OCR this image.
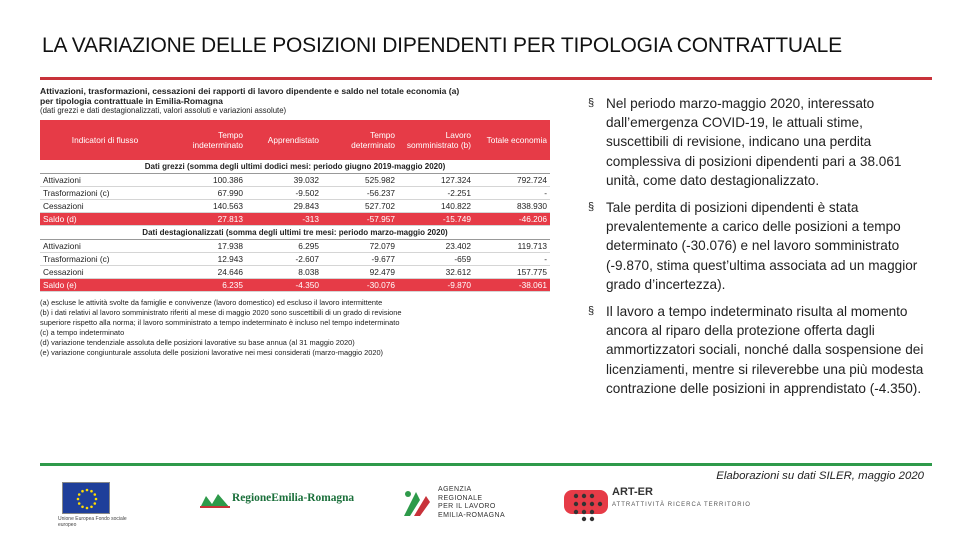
LA VARIAZIONE DELLE POSIZIONI DIPENDENTI PER TIPOLOGIA CONTRATTUALE
Attivazioni, trasformazioni, cessazioni dei rapporti di lavoro dipendente e saldo nel totale economia (a)
per tipologia contrattuale in Emilia-Romagna
(dati grezzi e dati destagionalizzati, valori assoluti e variazioni assolute)
Indicatori di flusso	Tempo indeterminato	Apprendistato	Tempo determinato	Lavoro somministrato (b)	Totale economia
Dati grezzi (somma degli ultimi dodici mesi: periodo giugno 2019-maggio 2020)					
Attivazioni	100.386	39.032	525.982	127.324	792.724
Trasformazioni (c)	67.990	-9.502	-56.237	-2.251	-
Cessazioni	140.563	29.843	527.702	140.822	838.930
Saldo (d)	27.813	-313	-57.957	-15.749	-46.206
Dati destagionalizzati (somma degli ultimi tre mesi: periodo marzo-maggio 2020)					
Attivazioni	17.938	6.295	72.079	23.402	119.713
Trasformazioni (c)	12.943	-2.607	-9.677	-659	-
Cessazioni	24.646	8.038	92.479	32.612	157.775
Saldo (e)	6.235	-4.350	-30.076	-9.870	-38.061
(a) escluse le attività svolte da famiglie e convivenze (lavoro domestico) ed escluso il lavoro intermittente
(b) i dati relativi al lavoro somministrato riferiti al mese di maggio 2020 sono suscettibili di un grado di revisione
superiore rispetto alla norma; il lavoro somministrato a tempo indeterminato è incluso nel tempo indeterminato
(c) a tempo indeterminato
(d) variazione tendenziale assoluta delle posizioni lavorative su base annua (al 31 maggio 2020)
(e) variazione congiunturale assoluta delle posizioni lavorative nei mesi considerati (marzo-maggio 2020)
§ Nel periodo marzo-maggio 2020, interessato dall’emergenza COVID-19, le attuali stime, suscettibili di revisione, indicano una perdita complessiva di posizioni dipendenti pari a 38.061 unità, come dato destagionalizzato.
§ Tale perdita di posizioni dipendenti è stata prevalentemente a carico delle posizioni a tempo determinato (-30.076) e nel lavoro somministrato (-9.870, stima quest’ultima associata ad un maggior grado d’incertezza).
§ Il lavoro a tempo indeterminato risulta al momento ancora al riparo della protezione offerta dagli ammortizzatori sociali, nonché dalla sospensione dei licenziamenti, mentre si rileverebbe una più modesta contrazione delle posizioni in apprendistato (-4.350).
Elaborazioni su dati SILER, maggio 2020
Unione Europea Fondo sociale europeo
RegioneEmilia-Romagna
AGENZIA
REGIONALE
PER IL LAVORO
EMILIA-ROMAGNA
ART-ER
ATTRATTIVITÀ RICERCA TERRITORIO
